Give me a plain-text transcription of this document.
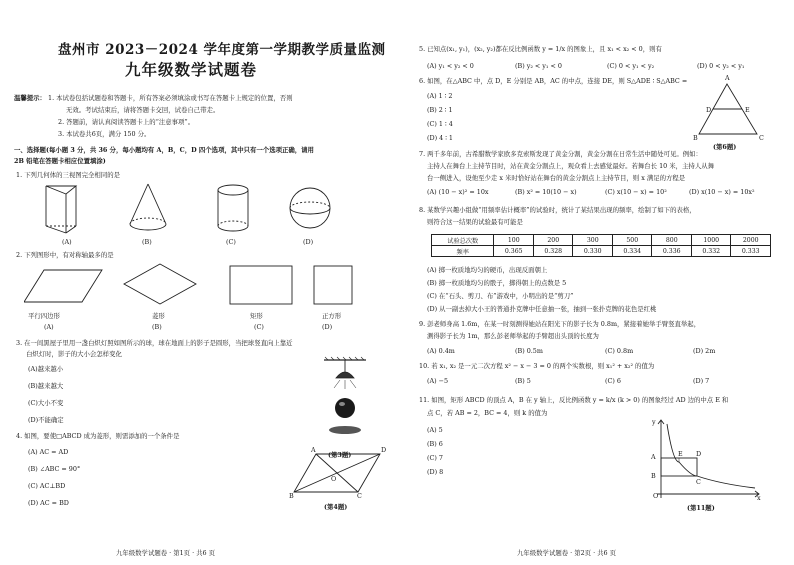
盘州市 2023－2024 学年度第一学期教学质量监测
九年级数学试题卷
温馨提示： 1. 本试卷包括试题卷和答题卡，所有答案必须填涂或书写在答题卡上规定的位置，否则
无效。考试结束后，请将答题卡交回，试卷自己带走。
2. 答题前，请认真阅读答题卡上的“注意事项”。
3. 本试卷共6页，满分 150 分。
一、选择题(每小题 3 分，共 36 分，每小题均有 A，B，C，D 四个选项，其中只有一个选项正确，请用
2B 铅笔在答题卡相应位置填涂)
1. 下列几何体的三视图完全相同的是
(A)	(B)	(C)	(D)
2. 下列图形中，有对称轴最多的是
平行四边形	菱形	矩形	正方形
(A)	(B)	(C)	(D)
3. 在一间黑屋子里用一盏白炽灯照如图所示的球，球在地面上的影子是圆形，当把球竖直向上靠近
白炽灯时，影子的大小会怎样变化
(A)越来越小
(B)越来越大
(C)大小不变
(D)不能确定
(第3题)
4. 如图，要使□ABCD 成为菱形，则需添加的一个条件是
(A) AC = AD
(B) ∠ABC = 90°
(C) AC⊥BD
(D) AC = BD
A	D
B	C
O
(第4题)
九年级数学试题卷 · 第1页 · 共6 页
5. 已知点(x₁, y₁)，(x₂, y₂)都在反比例函数 y = 1/x 的图象上，且 x₁ < x₂ < 0，则有
(A) y₁ < y₂ < 0	(B) y₂ < y₁ < 0	(C) 0 < y₁ < y₂	(D) 0 < y₂ < y₁
6. 如图，在△ABC 中，点 D，E 分别是 AB，AC 的中点，连接 DE，则 S△ADE ∶ S△ABC =
(A) 1 ∶ 2
(B) 2 ∶ 1
(C) 1 ∶ 4
(D) 4 ∶ 1
A
D	E
B	C
(第6题)
7. 两千多年前，古希腊数学家欧多克索斯发现了黄金分割，黄金分割在日常生活中随处可见。例如：
主持人在舞台上主持节目时，站在黄金分割点上，观众看上去感觉最好。若舞台长 10 米，主持人从舞
台一侧进入，设他至少走 x 米时恰好站在舞台的黄金分割点上主持节目，则 x 满足的方程是
(A) (10 − x)² = 10x	(B) x² = 10(10 − x)	(C) x(10 − x) = 10²	(D) x(10 − x) = 10x²
8. 某数学兴趣小组做“用频率估计概率”的试验时，统计了某结果出现的频率，绘制了如下的表格，
则符合这一结果的试验最有可能是
试验总次数	100	200	300	500	800	1000	2000
频率	0.365	0.328	0.330	0.334	0.336	0.332	0.333
(A) 掷一枚质地均匀的硬币，出现反面朝上
(B) 掷一枚质地均匀的骰子，掷得朝上的点数是 5
(C) 在“石头、剪刀、布”游戏中，小明出的是“剪刀”
(D) 从一副去掉大小王的普通扑克牌中任意抽一张，抽到一张扑克牌的花色是红桃
9. 彭老师身高 1.6m，在某一时刻测得她站在阳光下的影子长为 0.8m，紧接着她举手臂竖直举起，
测得影子长为 1m，那么彭老师举起的手臂超出头顶的长度为
(A) 0.4m	(B) 0.5m	(C) 0.8m	(D) 2m
10. 若 x₁, x₂ 是一元二次方程 x² − x − 3 = 0 的两个实数根，则 x₁² + x₂² 的值为
(A) −5	(B) 5	(C) 6	(D) 7
11. 如图，矩形 ABCD 的顶点 A，B 在 y 轴上，反比例函数 y = k/x (k > 0) 的图象经过 AD 边的中点 E 和
点 C，若 AB = 2，BC = 4，则 k 的值为
(A) 5
(B) 6
(C) 7
(D) 8
y
A	E D
B
C
O	x
(第11题)
九年级数学试题卷 · 第2页 · 共6 页
